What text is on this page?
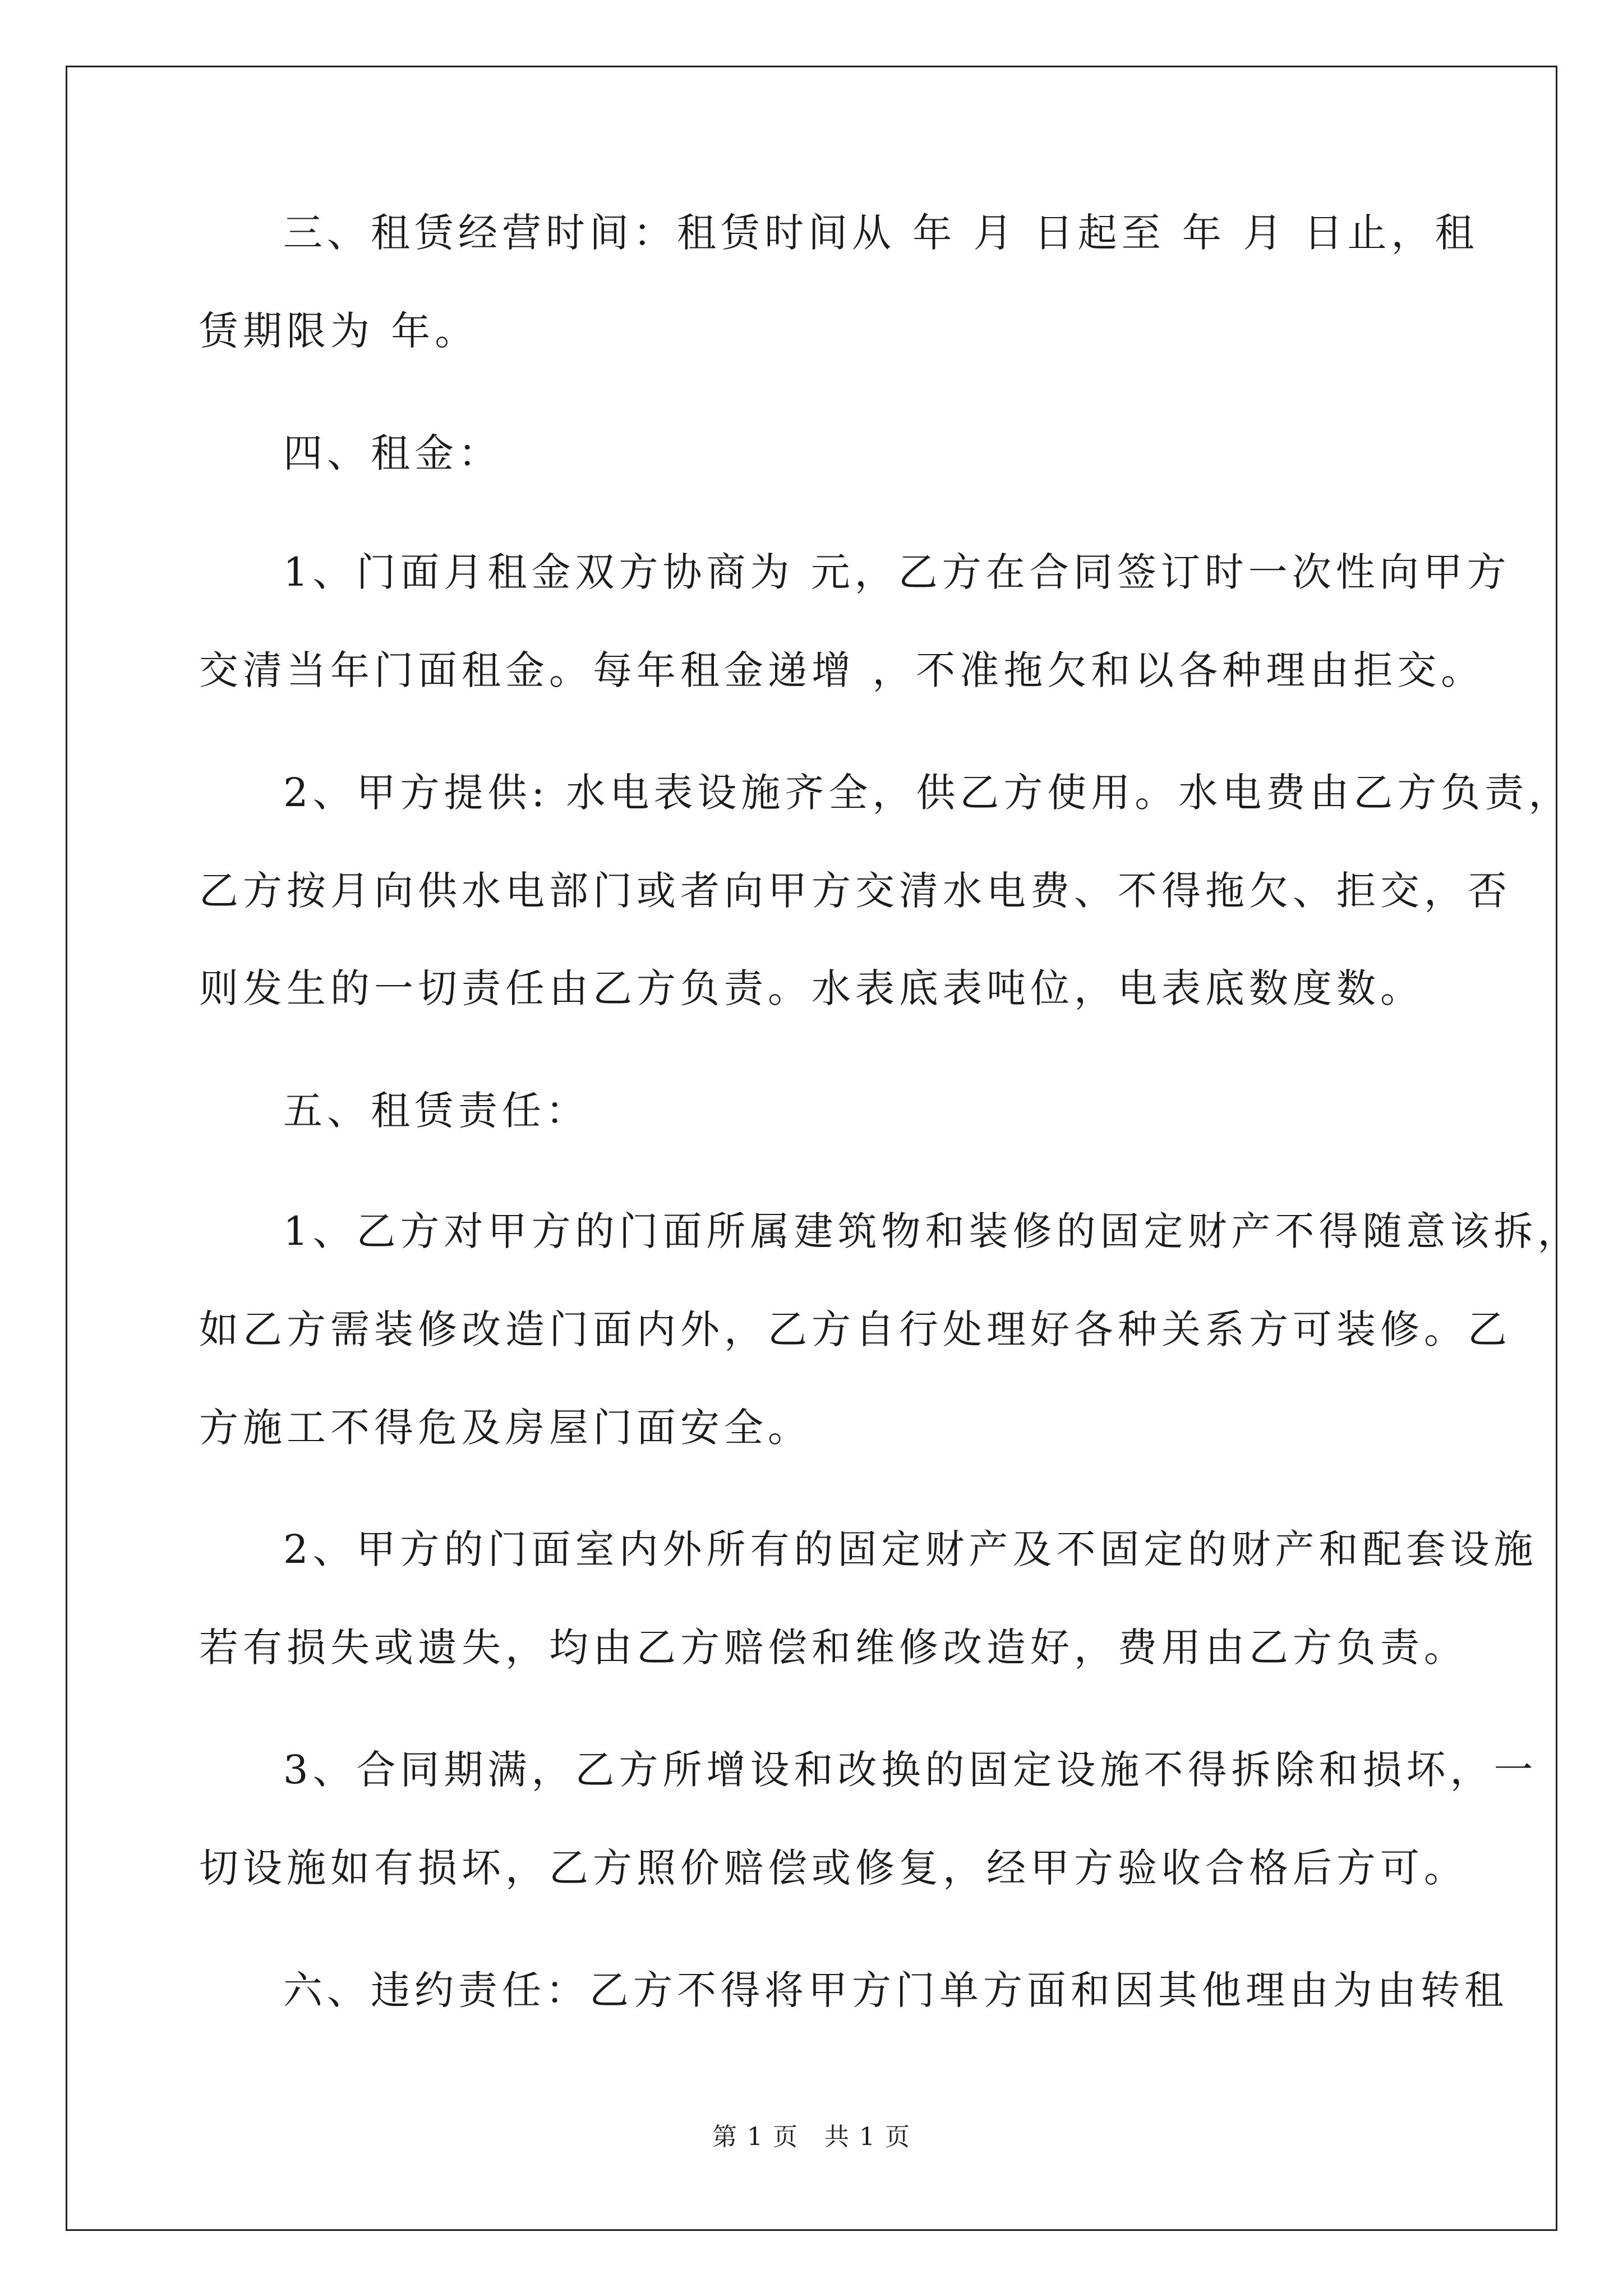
三、租赁经营时间：租赁时间从 年 月 日起至 年 月 日止，租
赁期限为 年。
四、租金：
1、门面月租金双方协商为 元，乙方在合同签订时一次性向甲方
交清当年门面租金。每年租金递增 ，不准拖欠和以各种理由拒交。
2、甲方提供: 水电表设施齐全，供乙方使用。水电费由乙方负责，
乙方按月向供水电部门或者向甲方交清水电费、不得拖欠、拒交，否
则发生的一切责任由乙方负责。水表底表吨位，电表底数度数。
五、租赁责任：
1、乙方对甲方的门面所属建筑物和装修的固定财产不得随意该拆，
如乙方需装修改造门面内外，乙方自行处理好各种关系方可装修。乙
方施工不得危及房屋门面安全。
2、甲方的门面室内外所有的固定财产及不固定的财产和配套设施
若有损失或遗失，均由乙方赔偿和维修改造好，费用由乙方负责。
3、合同期满，乙方所增设和改换的固定设施不得拆除和损坏，一
切设施如有损坏，乙方照价赔偿或修复，经甲方验收合格后方可。
六、违约责任：乙方不得将甲方门单方面和因其他理由为由转租
第 1 页　共 1 页
